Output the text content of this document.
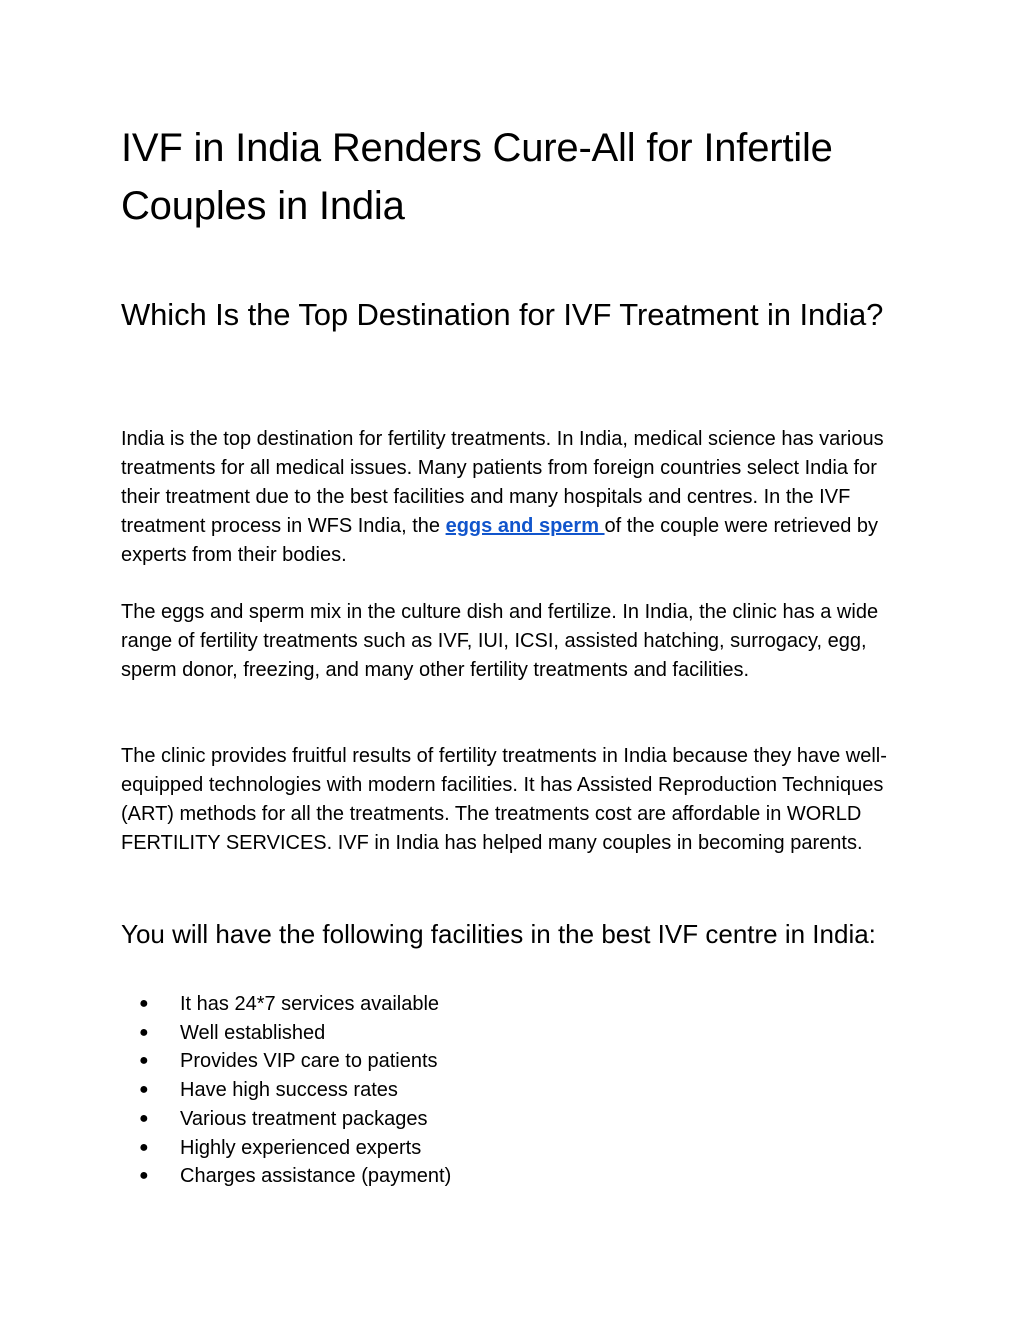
IVF in India Renders Cure-All for Infertile Couples in India
Which Is the Top Destination for IVF Treatment in India?

India is the top destination for fertility treatments. In India, medical science has various treatments for all medical issues. Many patients from foreign countries select India for their treatment due to the best facilities and many hospitals and centres. In the IVF treatment process in WFS India, the eggs and sperm of the couple were retrieved by experts from their bodies.

The eggs and sperm mix in the culture dish and fertilize. In India, the clinic has a wide range of fertility treatments such as IVF, IUI, ICSI, assisted hatching, surrogacy, egg, sperm donor, freezing, and many other fertility treatments and facilities.

The clinic provides fruitful results of fertility treatments in India because they have well-equipped technologies with modern facilities. It has Assisted Reproduction Techniques (ART) methods for all the treatments. The treatments cost are affordable in WORLD FERTILITY SERVICES. IVF in India has helped many couples in becoming parents.

You will have the following facilities in the best IVF centre in India:
● It has 24*7 services available
● Well established
● Provides VIP care to patients
● Have high success rates
● Various treatment packages
● Highly experienced experts
● Charges assistance (payment)
